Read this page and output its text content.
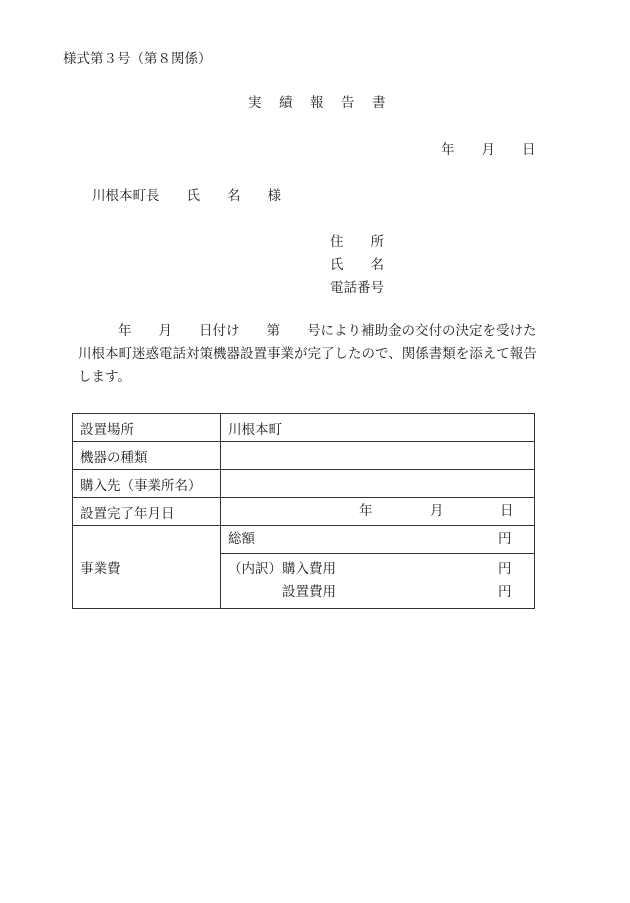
様式第３号（第８関係）
実　績　報　告　書
年　　月　　日
川根本町長　　氏　　名　　様
住　　所
氏　　名
電話番号
年　　月　　日付け　　第　　号により補助金の交付の決定を受けた
川根本町迷惑電話対策機器設置事業が完了したので、関係書類を添えて報告
します。
設置場所	川根本町
機器の種類	
購入先（事業所名）	
設置完了年月日	年 月 日

事業費	総額 円

	（内訳）購入費用 円
設置費用 円
